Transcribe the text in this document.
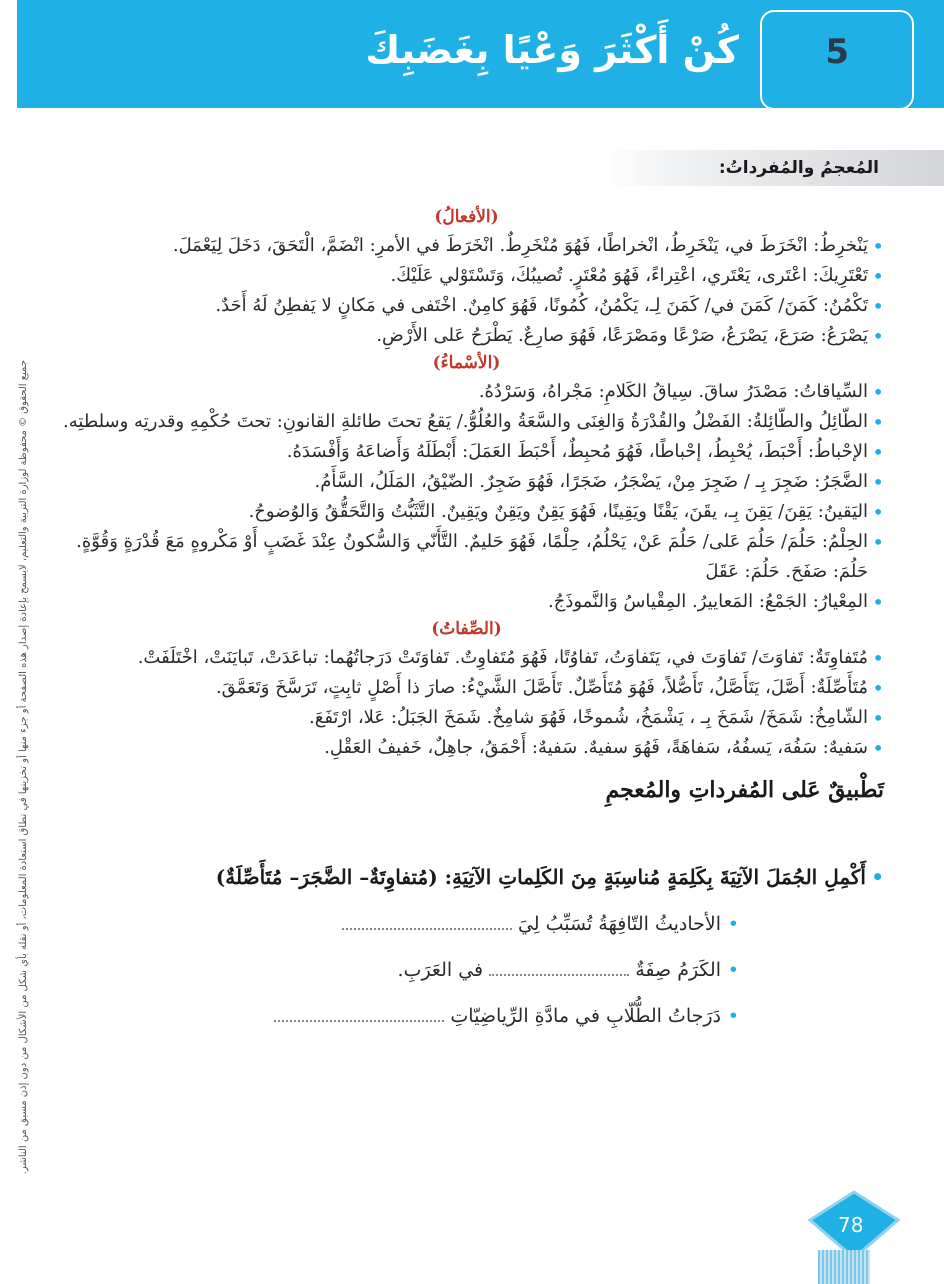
5
كُنْ أَكْثَرَ وَعْيًا بِغَضَبِكَ
المُعجمُ والمُفرداتُ:
جميع الحقوق © محفوظة لوزارة التربية والتعليم، لايسمح بإعادة إصدار هذه الصفحة أو جزء منها أو تخزينها في نطاق استعادة المعلومات، أو نقله بأي شكل من الأشكال من دون إذن مسبق من الناشر.
(الأفعالُ)

• يَنْخرِطُ: انْخَرَطَ في، يَنْخَرِطُ، انْخراطًا، فَهُوَ مُنْخَرِطٌ. انْخَرَطَ في الأمرِ: انْضَمَّ، الْتَحَقَ، دَخَلَ لِيَعْمَلَ.

• تَعْتَرِيكَ: اعْتَرى، يَعْتَري، اعْتِراءً، فَهُوَ مُعْتَرٍ. تُصيبُكَ، وَتَسْتَوْلي عَلَيْكَ.

• تَكْمُنُ: كَمَنَ/ كَمَنَ في/ كَمَنَ لِـ، يَكْمُنُ، كُمُونًا، فَهُوَ كامِنٌ. اخْتَفى في مَكانٍ لا يَفطِنُ لَهُ أَحَدٌ.

• يَصْرَعُ: صَرَعَ، يَصْرَعُ، صَرْعًا ومَصْرَعًا، فَهُوَ صارِعٌ. يَطْرَحُ عَلى الأَرْضِ.

(الأسْماءُ)

• السِّياقاتُ: مَصْدَرُ ساقَ. سِياقُ الكَلامِ: مَجْراهُ، وَسَرْدُهُ.

• الطّائِلُ والطّائِلةُ: الفَضْلُ والقُدْرَةُ وَالغِنَى والسَّعَةُ والعُلُوُّ./ يَقعُ تحتَ طائلةِ القانونِ: تحتَ حُكْمِهِ وقدرتِه وسلطتِه.

• الإحْباطُ: أَحْبَطَ، يُحْبِطُ، إحْباطًا، فَهُوَ مُحبِطٌ، أَحْبَطَ العَمَلَ: أَبْطَلَهُ وَأَضاعَهُ وَأَفْسَدَهُ.

• الضَّجَرُ: ضَجِرَ بِـ / ضَجِرَ مِنْ، يَضْجَرُ، ضَجَرًا، فَهُوَ ضَجِرٌ. الضّيْقُ، المَلَلُ، السَّأَمُ.

• اليَقينُ: يَقِنَ/ يَقِنَ بِـ، يقَنَ، يَقْنًا ويَقِينًا، فَهُوَ يَقِنٌ ويَقِنٌ ويَقِينٌ. التَّثَبُّتُ وَالتَّحَقُّقُ وَالوُضوحُ.

• الحِلْمُ: حَلُمَ/ حَلُمَ عَلى/ حَلُمَ عَنْ، يَحْلُمُ، حِلْمًا، فَهُوَ حَليمٌ. التَّأَنّي وَالسُّكونُ عِنْدَ غَضَبٍ أَوْ مَكْروهٍ مَعَ قُدْرَةٍ وَقُوَّةٍ. حَلُمَ: صَفَحَ. حَلُمَ: عَقَلَ

• المِعْيارُ: الجَمْعُ: المَعاييرُ. المِقْياسُ وَالنَّموذَجُ.

(الصِّفاتُ)

• مُتَفاوِتَةٌ: تَفاوَتَ/ تَفاوَتَ في، يَتَفاوَتُ، تَفاوُتًا، فَهُوَ مُتَفاوِتٌ. تَفاوَتَتْ دَرَجاتُهُما: تباعَدَتْ، تَبايَنَتْ، اخْتَلَفَتْ.

• مُتَأَصِّلَةٌ: أَصَّلَ، يَتَأَصَّلُ، تَأَصُّلاً، فَهُوَ مُتَأَصِّلٌ. تَأَصَّلَ الشَّيْءُ: صارَ ذا أَصْلٍ ثابِتٍ، تَرَسَّخَ وَتَعَمَّقَ.

• الشّامِخُ: شَمَخَ/ شَمَخَ بِـ ، يَشْمَخُ، شُموخًا، فَهُوَ شامِخٌ. شَمَخَ الجَبَلُ: عَلا، ارْتَفَعَ.

• سَفيهٌ: سَفُهَ، يَسفُهُ، سَفاهَةً، فَهُوَ سفيهٌ. سَفيهٌ: أَحْمَقُ، جاهِلٌ، خَفيفُ العَقْلِ.

تَطْبيقٌ عَلى المُفرداتِ والمُعجمِ
• أَكْمِلِ الجُمَلَ الآتِيَةَ بِكَلِمَةٍ مُناسِبَةٍ مِنَ الكَلِماتِ الآتِيَةِ: (مُتفاوِتَةٌ– الضَّجَرَ– مُتَأَصِّلَةٌ)
• الأحاديثُ التّافِهَةُ تُسَبِّبُ لِيَ
• الكَرَمُ صِفَةٌ  في العَرَبِ.
• دَرَجاتُ الطُّلّابِ في مادَّةِ الرِّياضِيّاتِ
78
